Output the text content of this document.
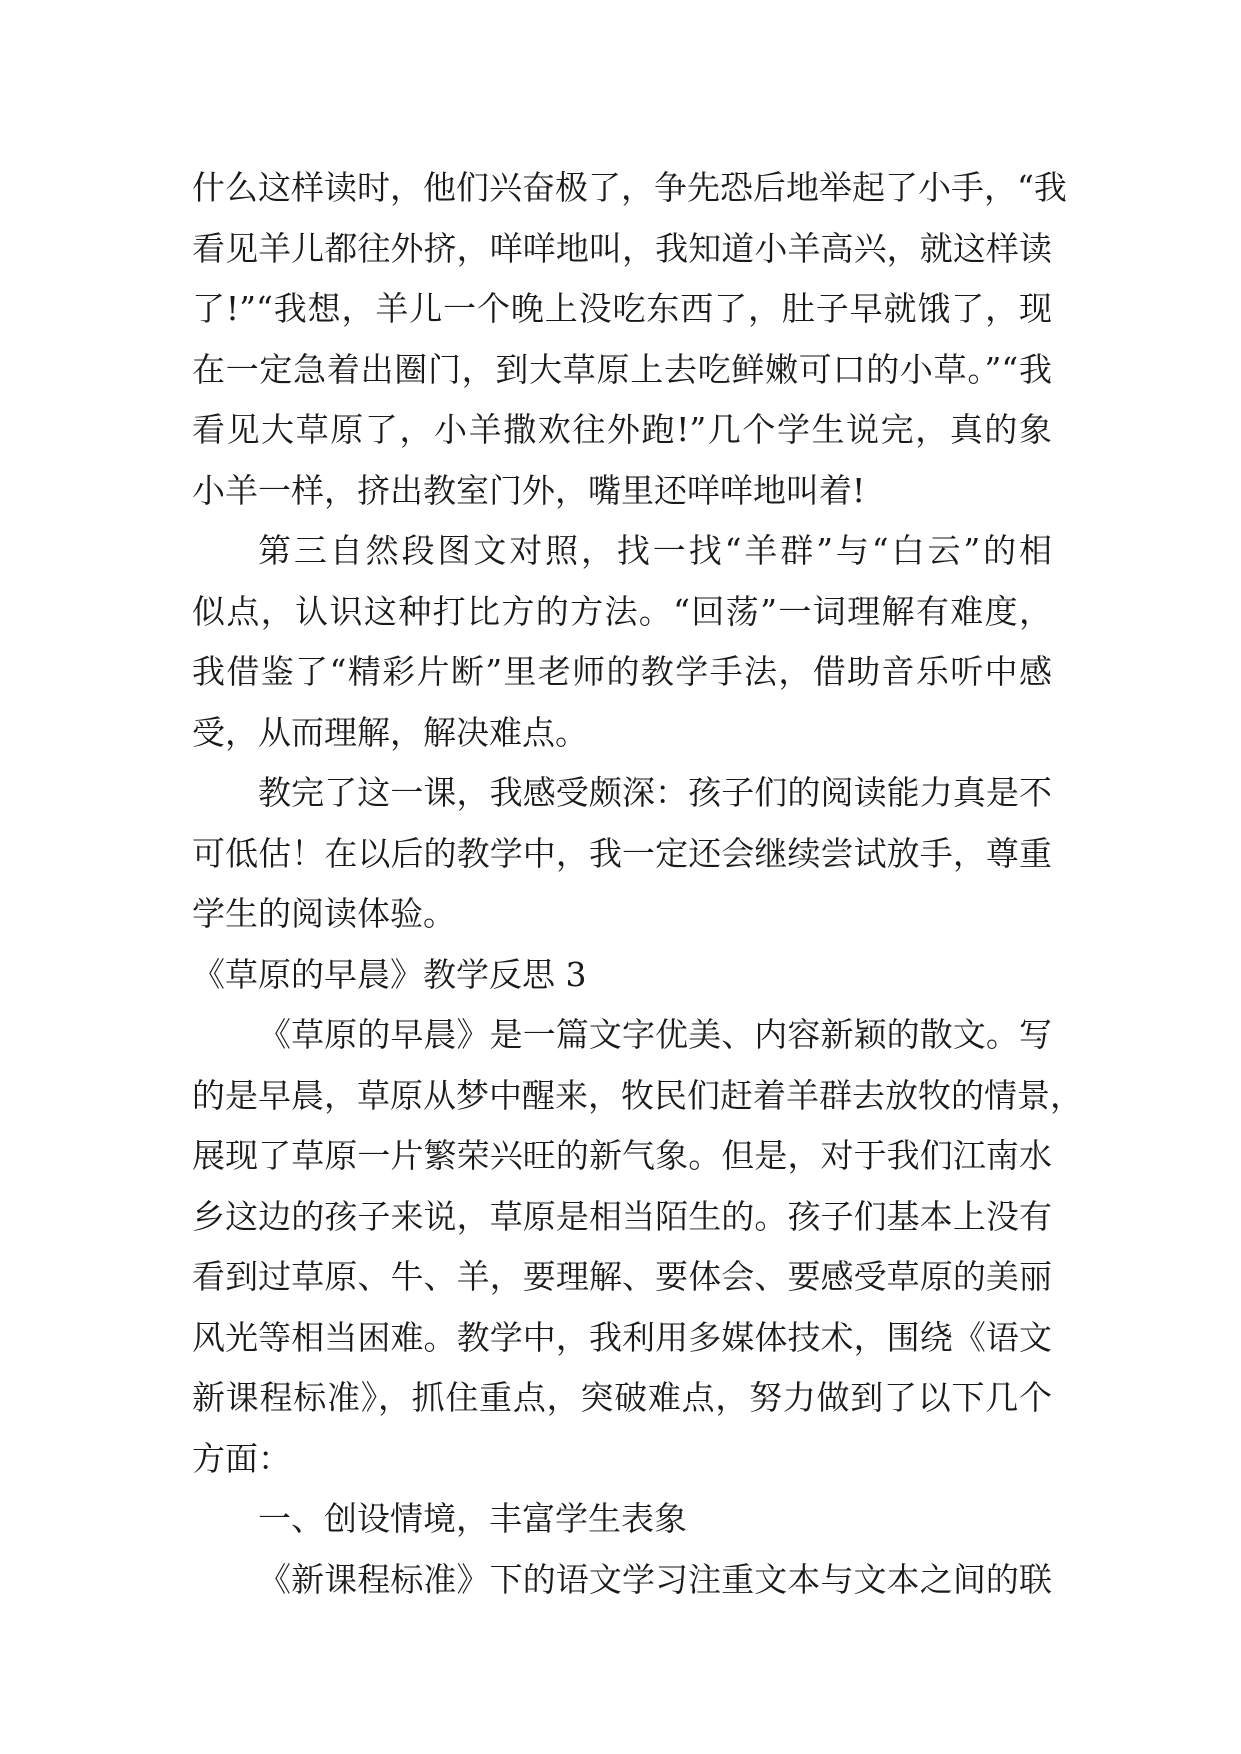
什么这样读时，他们兴奋极了，争先恐后地举起了小手，“我
看见羊儿都往外挤，咩咩地叫，我知道小羊高兴，就这样读
了!”“我想，羊儿一个晚上没吃东西了，肚子早就饿了，现
在一定急着出圈门，到大草原上去吃鲜嫩可口的小草。”“我
看见大草原了，小羊撒欢往外跑!”几个学生说完，真的象
小羊一样，挤出教室门外，嘴里还咩咩地叫着!
第三自然段图文对照，找一找“羊群”与“白云”的相
似点，认识这种打比方的方法。“回荡”一词理解有难度，
我借鉴了“精彩片断”里老师的教学手法，借助音乐听中感
受，从而理解，解决难点。
教完了这一课，我感受颇深：孩子们的阅读能力真是不
可低估！在以后的教学中，我一定还会继续尝试放手，尊重
学生的阅读体验。
《草原的早晨》教学反思 3
《草原的早晨》是一篇文字优美、内容新颖的散文。写
的是早晨，草原从梦中醒来，牧民们赶着羊群去放牧的情景，
展现了草原一片繁荣兴旺的新气象。但是，对于我们江南水
乡这边的孩子来说，草原是相当陌生的。孩子们基本上没有
看到过草原、牛、羊，要理解、要体会、要感受草原的美丽
风光等相当困难。教学中，我利用多媒体技术，围绕《语文
新课程标准》，抓住重点，突破难点，努力做到了以下几个
方面：
一、创设情境，丰富学生表象
《新课程标准》下的语文学习注重文本与文本之间的联
